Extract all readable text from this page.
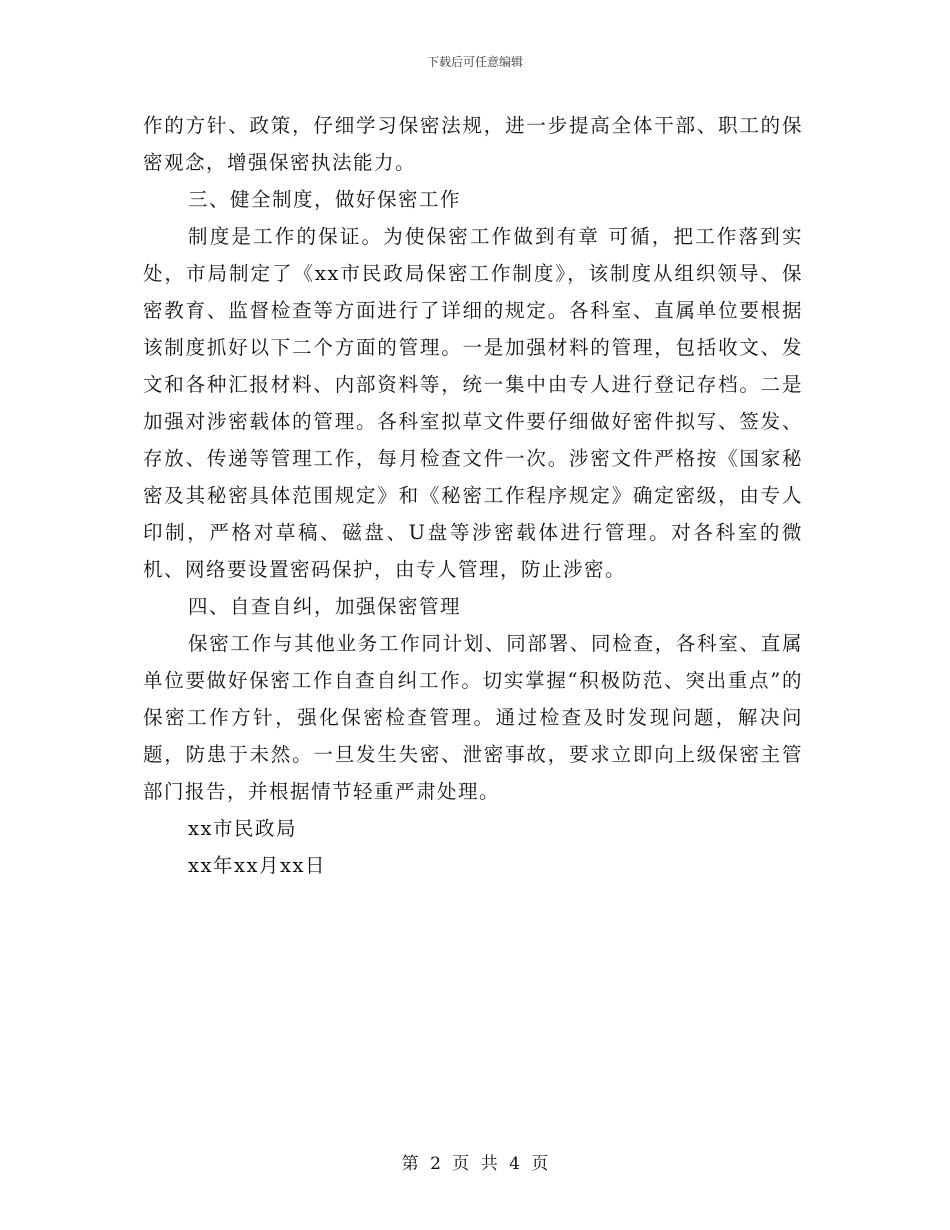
下载后可任意编辑

作的方针、政策，仔细学习保密法规，进一步提高全体干部、职工的保密观念，增强保密执法能力。

三、健全制度，做好保密工作

制度是工作的保证。为使保密工作做到有章 可循，把工作落到实处，市局制定了《xx市民政局保密工作制度》，该制度从组织领导、保密教育、监督检查等方面进行了详细的规定。各科室、直属单位要根据该制度抓好以下二个方面的管理。一是加强材料的管理，包括收文、发文和各种汇报材料、内部资料等，统一集中由专人进行登记存档。二是加强对涉密载体的管理。各科室拟草文件要仔细做好密件拟写、签发、存放、传递等管理工作，每月检查文件一次。涉密文件严格按《国家秘密及其秘密具体范围规定》和《秘密工作程序规定》确定密级，由专人印制，严格对草稿、磁盘、U盘等涉密载体进行管理。对各科室的微机、网络要设置密码保护，由专人管理，防止涉密。

四、自查自纠，加强保密管理

保密工作与其他业务工作同计划、同部署、同检查，各科室、直属单位要做好保密工作自查自纠工作。切实掌握“积极防范、突出重点”的保密工作方针，强化保密检查管理。通过检查及时发现问题，解决问题，防患于未然。一旦发生失密、泄密事故，要求立即向上级保密主管部门报告，并根据情节轻重严肃处理。

xx市民政局

xx年xx月xx日

第 2 页 共 4 页
